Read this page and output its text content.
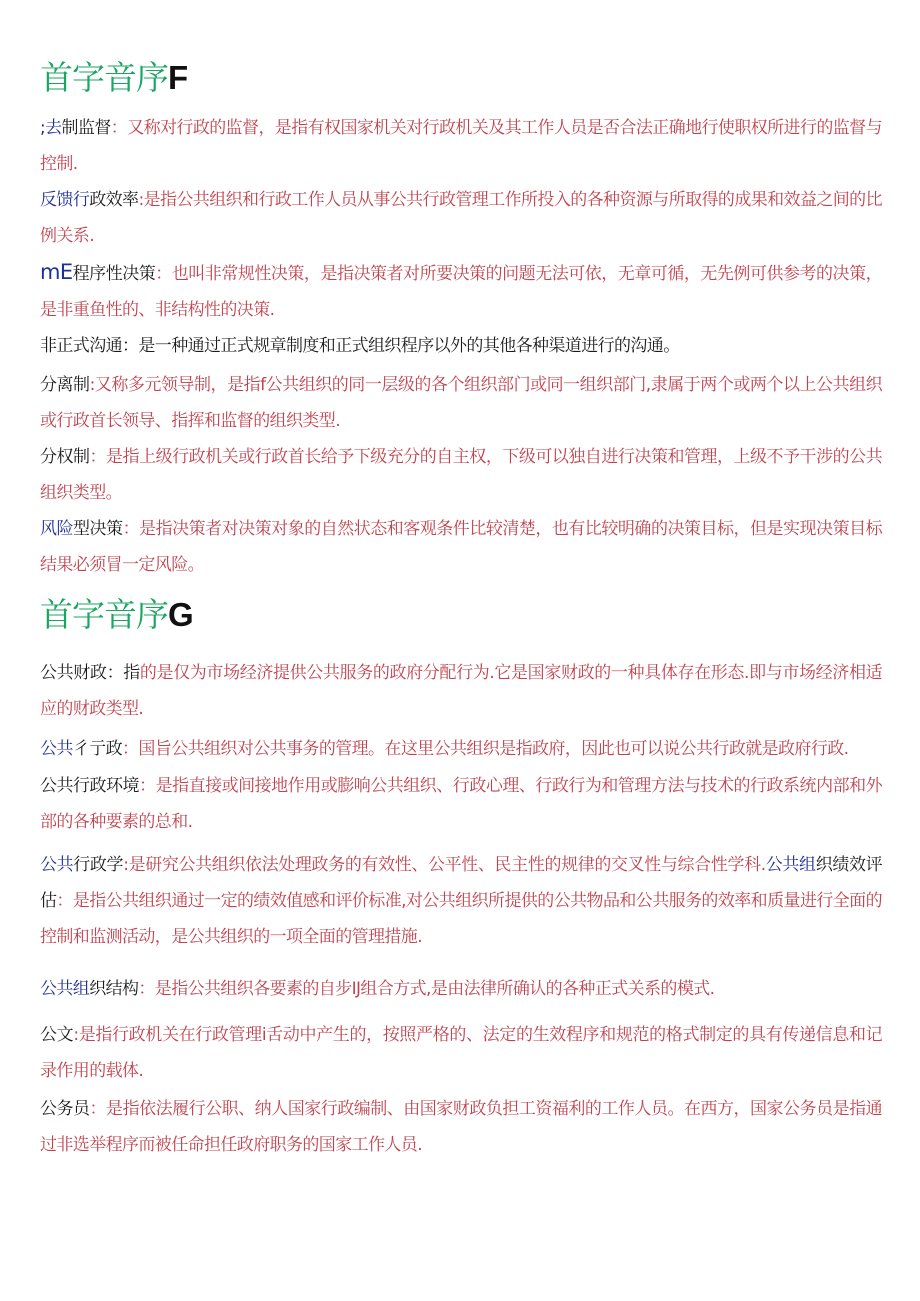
首字音序F

;去制监督：又称对行政的监督，是指有权国家机关对行政机关及其工作人员是否合法正确地行使职权所进行的监督与控制.

反馈行政效率:是指公共组织和行政工作人员从事公共行政管理工作所投入的各种资源与所取得的成果和效益之间的比例关系.

mE程序性决策：也叫非常规性决策，是指决策者对所要决策的问题无法可依，无章可循，无先例可供参考的决策，是非重鱼性的、非结构性的决策.

非正式沟通：是一种通过正式规章制度和正式组织程序以外的其他各种渠道进行的沟通。

分离制:又称多元领导制，是指f公共组织的同一层级的各个组织部门或同一组织部门,隶属于两个或两个以上公共组织或行政首长领导、指挥和监督的组织类型.

分权制：是指上级行政机关或行政首长给予下级充分的自主权，下级可以独自进行决策和管理，上级不予干涉的公共组织类型。

风险型决策：是指决策者对决策对象的自然状态和客观条件比较清楚，也有比较明确的决策目标，但是实现决策目标结果必须冒一定风险。

首字音序G

公共财政：指的是仅为市场经济提供公共服务的政府分配行为.它是国家财政的一种具体存在形态.即与市场经济相适应的财政类型.

公共彳亍政：国旨公共组织对公共事务的管理。在这里公共组织是指政府，因此也可以说公共行政就是政府行政.

公共行政环境：是指直接或间接地作用或膨响公共组织、行政心理、行政行为和管理方法与技术的行政系统内部和外部的各种要素的总和.

公共行政学:是研究公共组织依法处理政务的有效性、公平性、民主性的规律的交叉性与综合性学科.公共组织绩效评估：是指公共组织通过一定的绩效值感和评价标准,对公共组织所提供的公共物品和公共服务的效率和质量进行全面的控制和监测活动，是公共组织的一项全面的管理措施.

公共组织结构：是指公共组织各要素的自步IJ组合方式,是由法律所确认的各种正式关系的模式.

公文:是指行政机关在行政管理i舌动中产生的，按照严格的、法定的生效程序和规范的格式制定的具有传递信息和记录作用的载体.

公务员：是指依法履行公职、纳人国家行政编制、由国家财政负担工资福利的工作人员。在西方，国家公务员是指通过非选举程序而被任命担任政府职务的国家工作人员.
